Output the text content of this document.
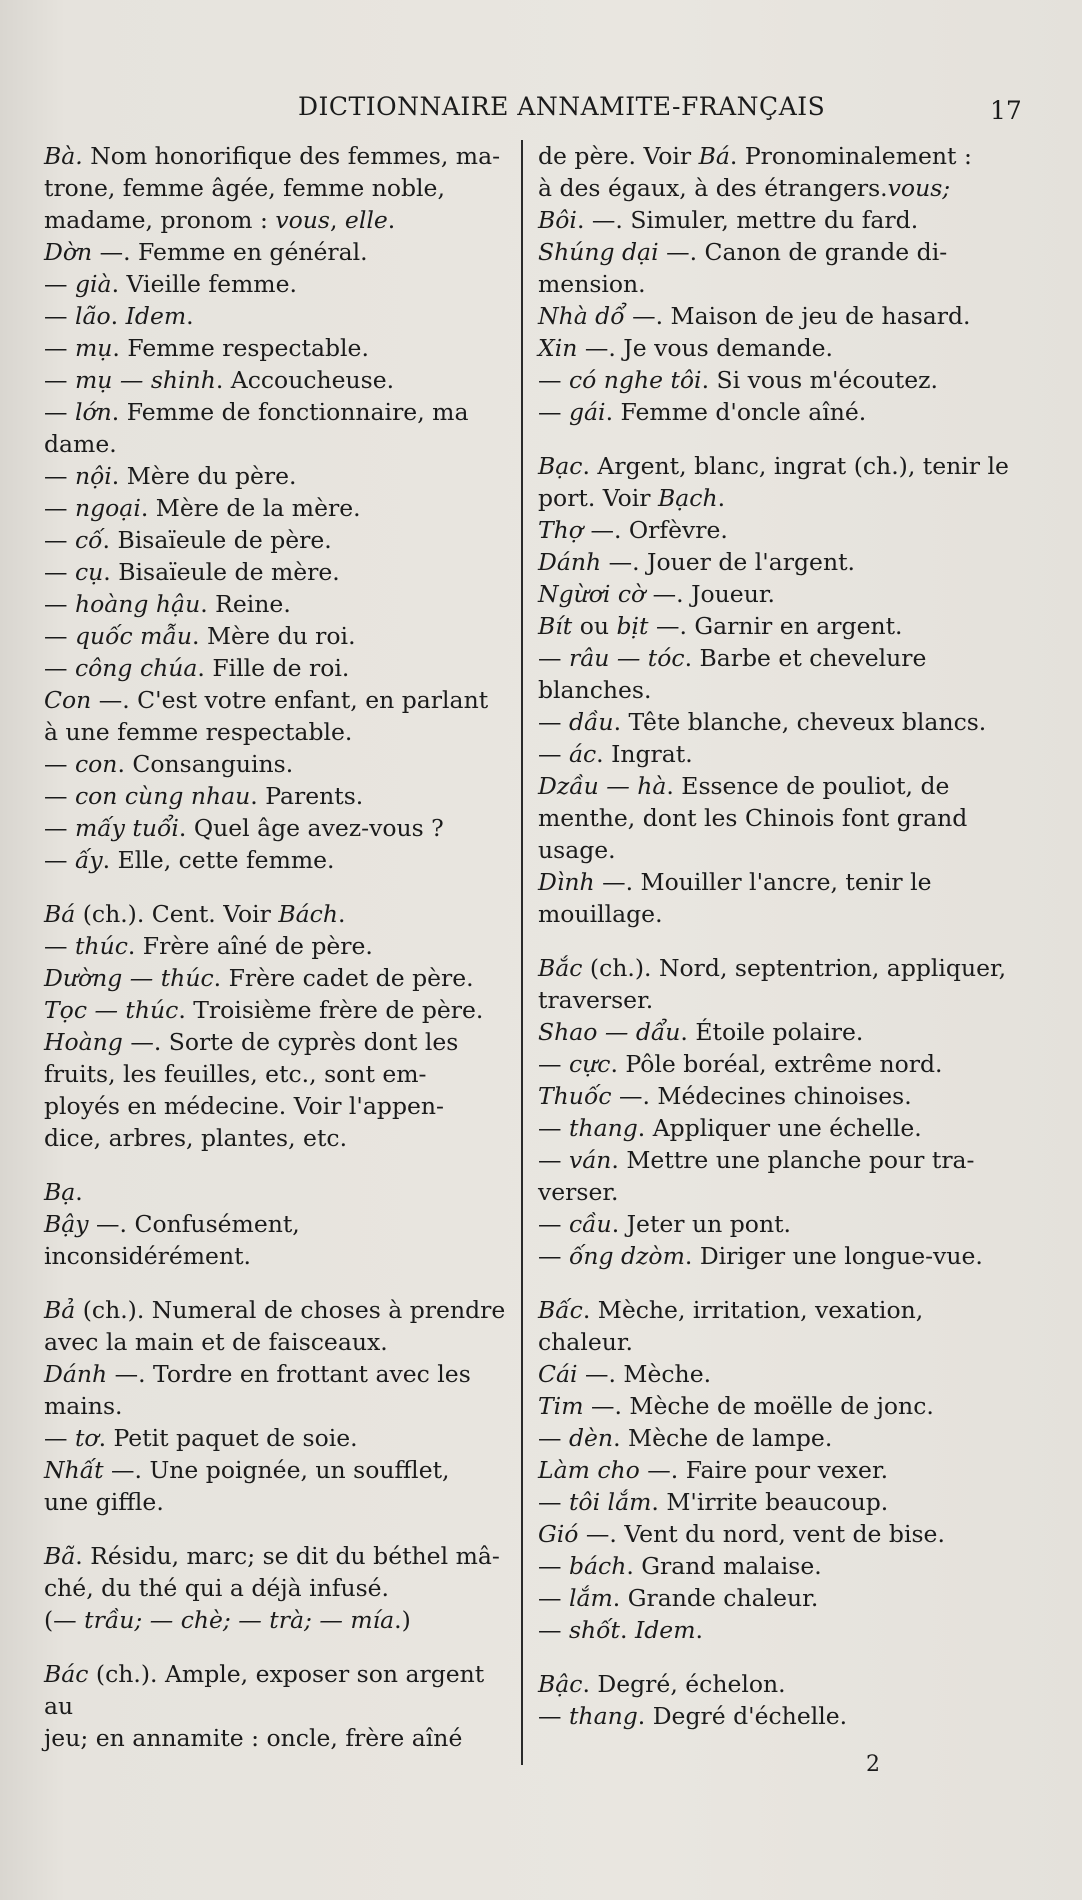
DICTIONNAIRE ANNAMITE-FRANÇAIS	17
Bà. Nom honorifique des femmes, ma-
trone, femme âgée, femme noble,
madame, pronom : vous, elle.
Dờn —. Femme en général.
— già. Vieille femme.
— lão. Idem.
— mụ. Femme respectable.
— mụ — shinh. Accoucheuse.
— lớn. Femme de fonctionnaire, ma
dame.
— nội. Mère du père.
— ngoại. Mère de la mère.
— cố. Bisaïeule de père.
— cụ. Bisaïeule de mère.
— hoàng hậu. Reine.
— quốc mẫu. Mère du roi.
— công chúa. Fille de roi.
Con —. C'est votre enfant, en parlant
à une femme respectable.
— con. Consanguins.
— con cùng nhau. Parents.
— mấy tuổi. Quel âge avez-vous ?
— ấy. Elle, cette femme.
Bá (ch.). Cent. Voir Bách.
— thúc. Frère aîné de père.
Dường — thúc. Frère cadet de père.
Tọc — thúc. Troisième frère de père.
Hoàng —. Sorte de cyprès dont les
fruits, les feuilles, etc., sont em-
ployés en médecine. Voir l'appen-
dice, arbres, plantes, etc.
Bạ.
Bậy —. Confusément, inconsidérément.
Bả (ch.). Numeral de choses à prendre
avec la main et de faisceaux.
Dánh —. Tordre en frottant avec les
mains.
— tơ. Petit paquet de soie.
Nhất —. Une poignée, un soufflet,
une giffle.
Bã. Résidu, marc; se dit du béthel mâ-
ché, du thé qui a déjà infusé.
(— trầu; — chè; — trà; — mía.)
Bác (ch.). Ample, exposer son argent au
jeu; en annamite : oncle, frère aîné
de père. Voir Bá. Pronominalement :
à des égaux, à des étrangers.vous;
Bôi. —. Simuler, mettre du fard.
Shúng dại —. Canon de grande di-
mension.
Nhà dổ —. Maison de jeu de hasard.
Xin —. Je vous demande.
— có nghe tôi. Si vous m'écoutez.
— gái. Femme d'oncle aîné.
Bạc. Argent, blanc, ingrat (ch.), tenir le
port. Voir Bạch.
Thợ —. Orfèvre.
Dánh —. Jouer de l'argent.
Ngừơi cờ —. Joueur.
Bít ou bịt —. Garnir en argent.
— râu — tóc. Barbe et chevelure
blanches.
— dầu. Tête blanche, cheveux blancs.
— ác. Ingrat.
Dzầu — hà. Essence de pouliot, de
menthe, dont les Chinois font grand
usage.
Dình —. Mouiller l'ancre, tenir le
mouillage.
Bắc (ch.). Nord, septentrion, appliquer,
traverser.
Shao — dẩu. Étoile polaire.
— cực. Pôle boréal, extrême nord.
Thuốc —. Médecines chinoises.
— thang. Appliquer une échelle.
— ván. Mettre une planche pour tra-
verser.
— cầu. Jeter un pont.
— ống dzòm. Diriger une longue-vue.
Bấc. Mèche, irritation, vexation, chaleur.
Cái —. Mèche.
Tim —. Mèche de moëlle de jonc.
— dèn. Mèche de lampe.
Làm cho —. Faire pour vexer.
— tôi lắm. M'irrite beaucoup.
Gió —. Vent du nord, vent de bise.
— bách. Grand malaise.
— lắm. Grande chaleur.
— shốt. Idem.
Bậc. Degré, échelon.
— thang. Degré d'échelle.
2
